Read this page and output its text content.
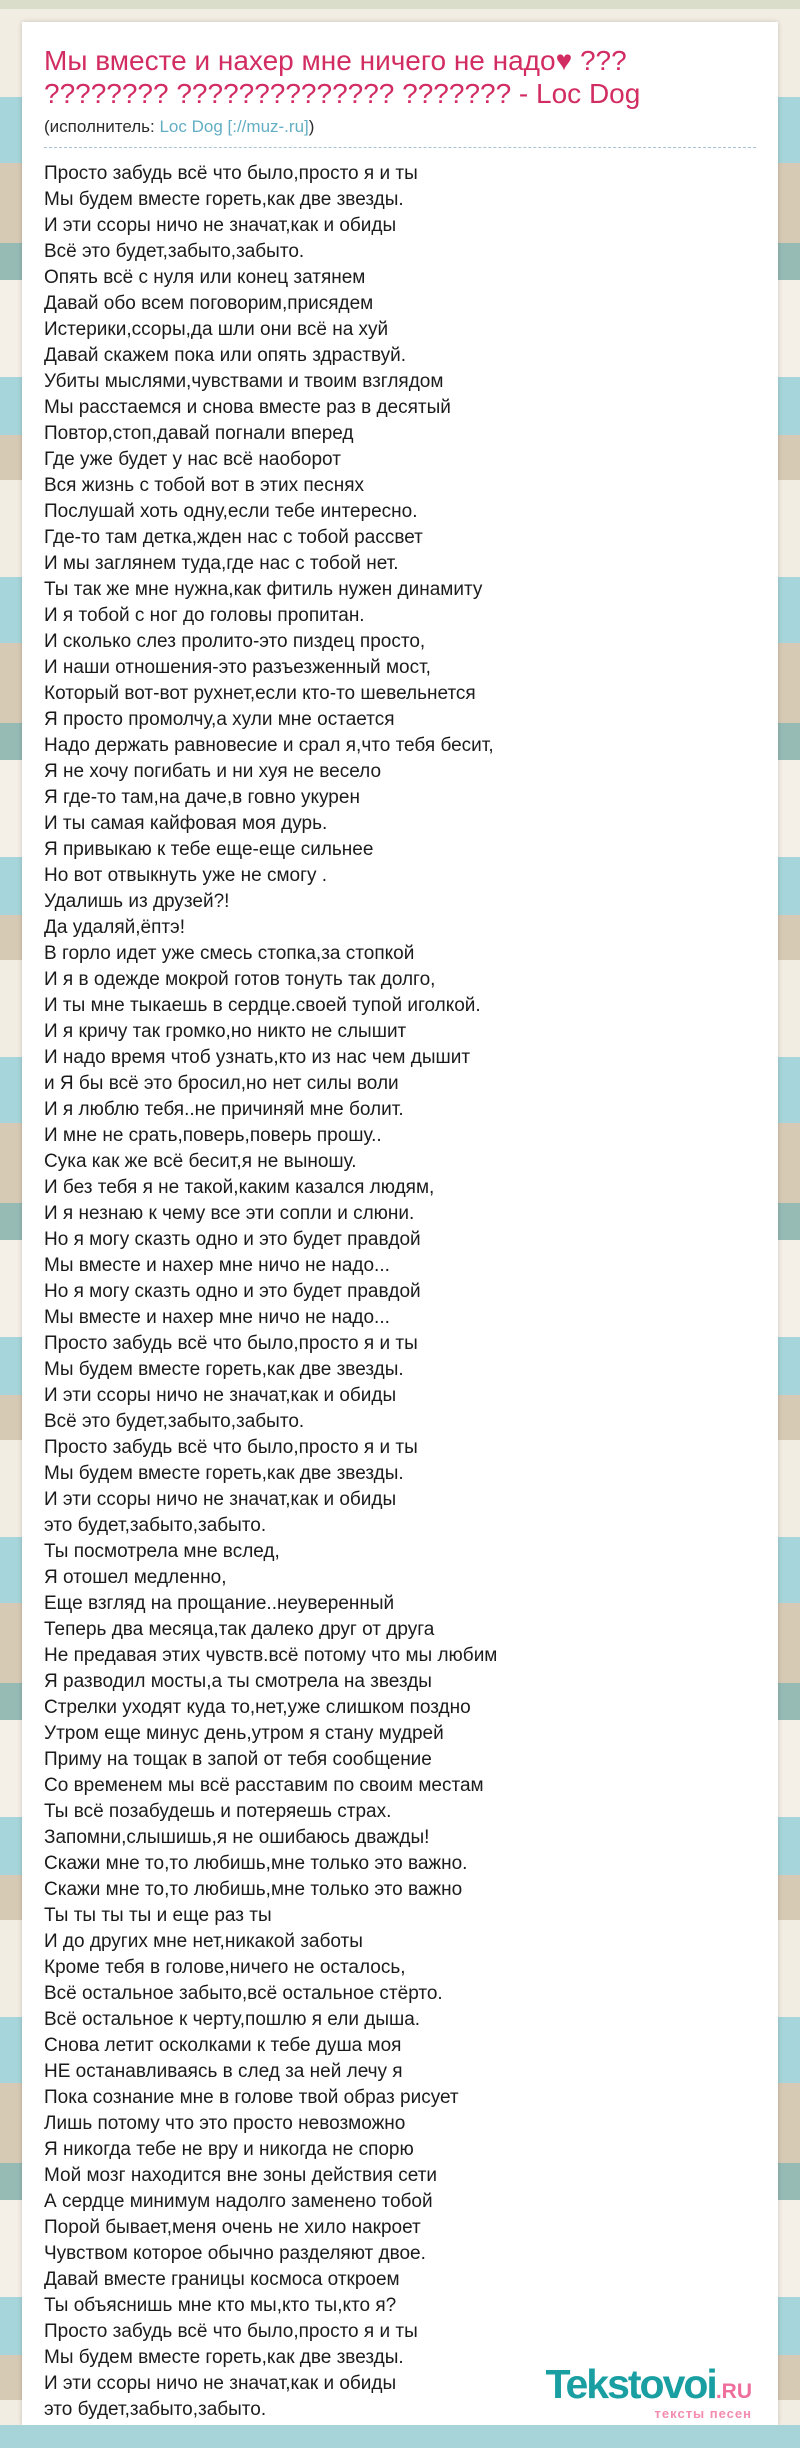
Мы вместе и нахер мне ничего не надо♥ ??? ???????? ?????????????? ??????? - Loc Dog
(исполнитель: Loc Dog [://muz-.ru])
Просто забудь всё что было,просто я и ты
Мы будем вместе гореть,как две звезды.
И эти ссоры ничо не значат,как и обиды
Всё это будет,забыто,забыто.
Опять всё с нуля или конец затянем
Давай обо всем поговорим,присядем
Истерики,ссоры,да шли они всё на хуй
Давай скажем пока или опять здраствуй.
Убиты мыслями,чувствами и твоим взглядом
Мы расстаемся и снова вместе раз в десятый
Повтор,стоп,давай погнали вперед
Где уже будет у нас всё наоборот
Вся жизнь с тобой вот в этих песнях
Послушай хоть одну,если тебе интересно.
Где-то там детка,жден нас с тобой рассвет
И мы заглянем туда,где нас с тобой нет.
Ты так же мне нужна,как фитиль нужен динамиту
И я тобой с ног до головы пропитан.
И сколько слез пролито-это пиздец просто,
И наши отношения-это разъезженный мост,
Который вот-вот рухнет,если кто-то шевельнется
Я просто промолчу,а хули мне остается
Надо держать равновесие и срал я,что тебя бесит,
Я не хочу погибать и ни хуя не весело
Я где-то там,на даче,в говно укурен
И ты самая кайфовая моя дурь.
Я привыкаю к тебе еще-еще сильнее
Но вот отвыкнуть уже не смогу .
Удалишь из друзей?!
Да удаляй,ёптэ!
В горло идет уже смесь стопка,за стопкой
И я в одежде мокрой готов тонуть так долго,
И ты мне тыкаешь в сердце.своей тупой иголкой.
И я кричу так громко,но никто не слышит
И надо время чтоб узнать,кто из нас чем дышит
и Я бы всё это бросил,но нет силы воли
И я люблю тебя..не причиняй мне болит.
И мне не срать,поверь,поверь прошу..
Сука как же всё бесит,я не выношу.
И без тебя я не такой,каким казался людям,
И я незнаю к чему все эти сопли и слюни.
Но я могу сказть одно и это будет правдой
Мы вместе и нахер мне ничо не надо...
Но я могу сказть одно и это будет правдой
Мы вместе и нахер мне ничо не надо...
Просто забудь всё что было,просто я и ты
Мы будем вместе гореть,как две звезды.
И эти ссоры ничо не значат,как и обиды
Всё это будет,забыто,забыто.
Просто забудь всё что было,просто я и ты
Мы будем вместе гореть,как две звезды.
И эти ссоры ничо не значат,как и обиды
это будет,забыто,забыто.
Ты посмотрела мне вслед,
Я отошел медленно,
Еще взгляд на прощание..неуверенный
Теперь два месяца,так далеко друг от друга
Не предавая этих чувств.всё потому что мы любим
Я разводил мосты,а ты смотрела на звезды
Стрелки уходят куда то,нет,уже слишком поздно
Утром еще минус день,утром я стану мудрей
Приму на тощак в запой от тебя сообщение
Со временем мы всё расставим по своим местам
Ты всё позабудешь и потеряешь страх.
Запомни,слышишь,я не ошибаюсь дважды!
Скажи мне то,то любишь,мне только это важно.
Скажи мне то,то любишь,мне только это важно
Ты ты ты ты и еще раз ты
И до других мне нет,никакой заботы
Кроме тебя в голове,ничего не осталось,
Всё остальное забыто,всё остальное стёрто.
Всё остальное к черту,пошлю я ели дыша.
Снова летит осколками к тебе душа моя
НЕ останавливаясь в след за ней лечу я
Пока сознание мне в голове твой образ рисует
Лишь потому что это просто невозможно
Я никогда тебе не вру и никогда не спорю
Мой мозг находится вне зоны действия сети
А сердце минимум надолго заменено тобой
Порой бывает,меня очень не хило накроет
Чувством которое обычно разделяют двое.
Давай вместе границы космоса откроем
Ты объяснишь мне кто мы,кто ты,кто я?
Просто забудь всё что было,просто я и ты
Мы будем вместе гореть,как две звезды.
И эти ссоры ничо не значат,как и обиды
это будет,забыто,забыто.
Tekstovoi.RU
тексты песен
